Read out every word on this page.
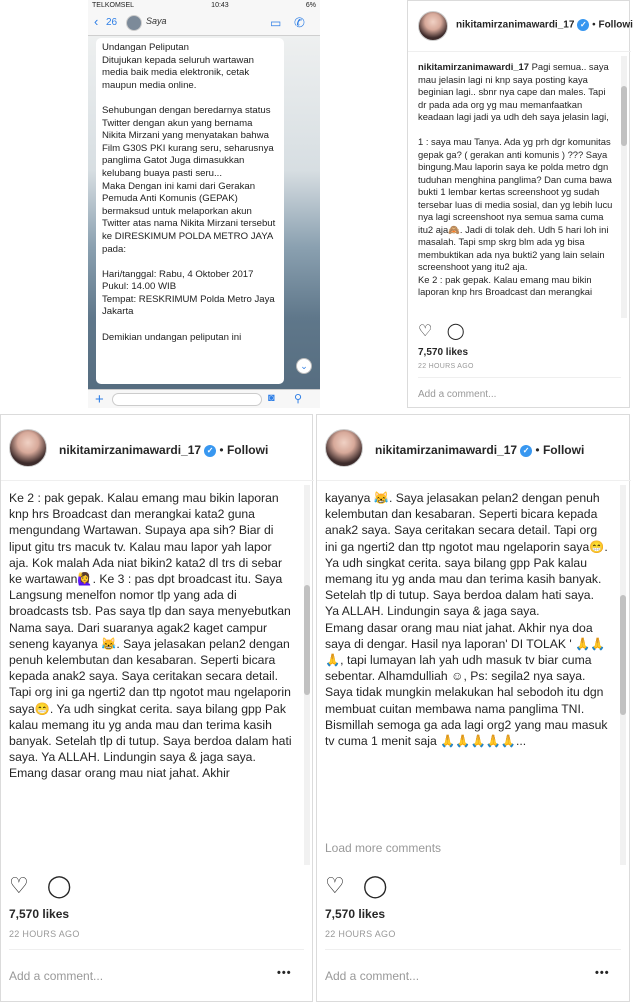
TELKOMSEL	10:43	6%
‹ 26	Saya	▭ ✆
Undangan Peliputan
Ditujukan kepada seluruh wartawan media baik media elektronik, cetak maupun media online.

Sehubungan dengan beredarnya status Twitter dengan akun yang bernama Nikita Mirzani yang menyatakan bahwa Film G30S PKI kurang seru, seharusnya panglima Gatot Juga dimasukkan kelubang buaya pasti seru...
Maka Dengan ini kami dari Gerakan Pemuda Anti Komunis (GEPAK) bermaksud untuk melaporkan akun Twitter atas nama Nikita Mirzani tersebut ke DIRESKIMUM POLDA METRO JAYA pada:

Hari/tanggal: Rabu, 4 Oktober 2017
Pukul: 14.00 WIB
Tempat: RESKRIMUM Polda Metro Jaya Jakarta

Demikian undangan peliputan ini
⌄
+	◙ ⚲
nikitamirzanimawardi_17 ✓ • Followi
nikitamirzanimawardi_17 Pagi semua.. saya mau jelasin lagi ni knp saya posting kaya beginian lagi.. sbnr nya cape dan males. Tapi dr pada ada org yg mau memanfaatkan keadaan lagi jadi ya udh deh saya jelasin lagi,

1 : saya mau Tanya. Ada yg prh dgr komunitas gepak ga? ( gerakan anti komunis ) ??? Saya bingung.Mau laporin saya ke polda metro dgn tuduhan menghina panglima? Dan cuma bawa bukti 1 lembar kertas screenshoot yg sudah tersebar luas di media sosial, dan yg lebih lucu nya lagi screenshoot nya semua sama cuma itu2 aja🙈. Jadi di tolak deh. Udh 5 hari loh ini masalah. Tapi smp skrg blm ada yg bisa membuktikan ada nya bukti2 yang lain selain screenshoot yang itu2 aja.
Ke 2 : pak gepak. Kalau emang mau bikin laporan knp hrs Broadcast dan merangkai
♡ ◯
7,570 likes
22 HOURS AGO
Add a comment...
nikitamirzanimawardi_17 ✓ • Followi
Ke 2 : pak gepak. Kalau emang mau bikin laporan knp hrs Broadcast dan merangkai kata2 guna mengundang Wartawan. Supaya apa sih? Biar di liput gitu trs macuk tv. Kalau mau lapor yah lapor aja. Kok malah Ada niat bikin2 kata2 dl trs di sebar ke wartawan🙋‍♀️. Ke 3 : pas dpt broadcast itu. Saya Langsung menelfon nomor tlp yang ada di broadcasts tsb. Pas saya tlp dan saya menyebutkan Nama saya. Dari suaranya agak2 kaget campur seneng kayanya 😹. Saya jelasakan pelan2 dengan penuh kelembutan dan kesabaran. Seperti bicara kepada anak2 saya. Saya ceritakan secara detail. Tapi org ini ga ngerti2 dan ttp ngotot mau ngelaporin saya😁. Ya udh singkat cerita. saya bilang gpp Pak kalau memang itu yg anda mau dan terima kasih banyak. Setelah tlp di tutup. Saya berdoa dalam hati saya. Ya ALLAH. Lindungin saya & jaga saya.
Emang dasar orang mau niat jahat. Akhir
♡ ◯
7,570 likes
22 HOURS AGO
Add a comment...	•••
nikitamirzanimawardi_17 ✓ • Followi
kayanya 😹. Saya jelasakan pelan2 dengan penuh kelembutan dan kesabaran. Seperti bicara kepada anak2 saya. Saya ceritakan secara detail. Tapi org ini ga ngerti2 dan ttp ngotot mau ngelaporin saya😁. Ya udh singkat cerita. saya bilang gpp Pak kalau memang itu yg anda mau dan terima kasih banyak. Setelah tlp di tutup. Saya berdoa dalam hati saya. Ya ALLAH. Lindungin saya & jaga saya.
Emang dasar orang mau niat jahat. Akhir nya doa saya di dengar. Hasil nya laporan' DI TOLAK ' 🙏🙏🙏, tapi lumayan lah yah udh masuk tv biar cuma sebentar. Alhamdulliah ☺, Ps: segila2 nya saya. Saya tidak mungkin melakukan hal sebodoh itu dgn membuat cuitan membawa nama panglima TNI. Bismillah semoga ga ada lagi org2 yang mau masuk tv cuma 1 menit saja 🙏🙏🙏🙏🙏...
Load more comments
♡ ◯
7,570 likes
22 HOURS AGO
Add a comment...	•••
